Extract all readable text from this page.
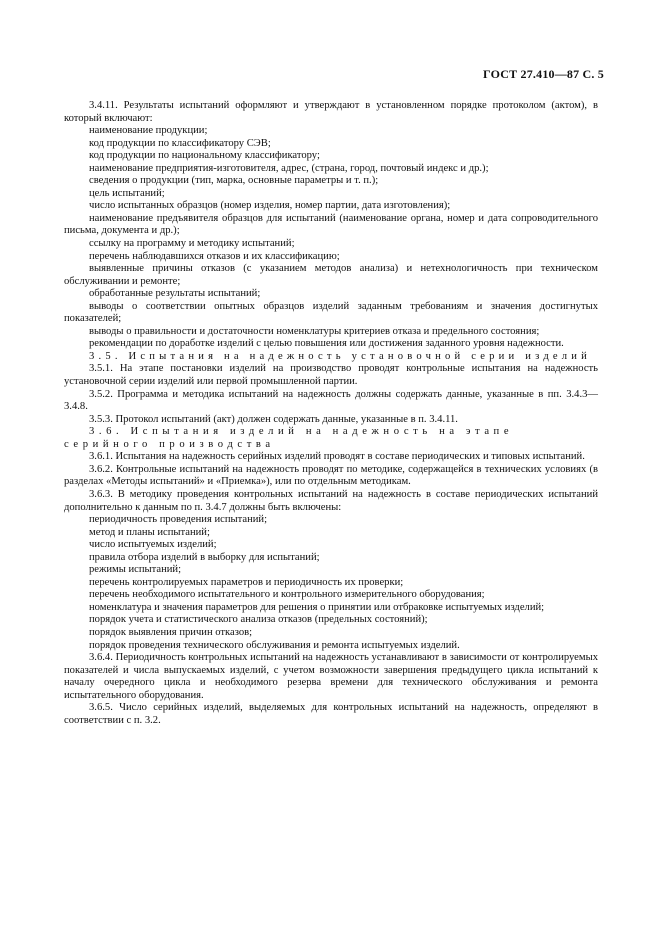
ГОСТ 27.410—87 С. 5

3.4.11. Результаты испытаний оформляют и утверждают в установленном порядке протоколом (актом), в который включают:

наименование продукции;

код продукции по классификатору СЭВ;

код продукции по национальному классификатору;

наименование предприятия-изготовителя, адрес, (страна, город, почтовый индекс и др.);

сведения о продукции (тип, марка, основные параметры и т. п.);

цель испытаний;

число испытанных образцов (номер изделия, номер партии, дата изготовления);

наименование предъявителя образцов для испытаний (наименование органа, номер и дата сопроводительного письма, документа и др.);

ссылку на программу и методику испытаний;

перечень наблюдавшихся отказов и их классификацию;

выявленные причины отказов (с указанием методов анализа) и нетехнологичность при техническом обслуживании и ремонте;

обработанные результаты испытаний;

выводы о соответствии опытных образцов изделий заданным требованиям и значения достигнутых показателей;

выводы о правильности и достаточности номенклатуры критериев отказа и предельного состояния;

рекомендации по доработке изделий с целью повышения или достижения заданного уровня надежности.

3.5. Испытания на надежность установочной серии изделий

3.5.1. На этапе постановки изделий на производство проводят контрольные испытания на надежность установочной серии изделий или первой промышленной партии.

3.5.2. Программа и методика испытаний на надежность должны содержать данные, указанные в пп. 3.4.3—3.4.8.

3.5.3. Протокол испытаний (акт) должен содержать данные, указанные в п. 3.4.11.

3.6. Испытания изделий на надежность на этапе серийного производства

3.6.1. Испытания на надежность серийных изделий проводят в составе периодических и типовых испытаний.

3.6.2. Контрольные испытаний на надежность проводят по методике, содержащейся в технических условиях (в разделах «Методы испытаний» и «Приемка»), или по отдельным методикам.

3.6.3. В методику проведения контрольных испытаний на надежность в составе периодических испытаний дополнительно к данным по п. 3.4.7 должны быть включены:

периодичность проведения испытаний;

метод и планы испытаний;

число испытуемых изделий;

правила отбора изделий в выборку для испытаний;

режимы испытаний;

перечень контролируемых параметров и периодичность их проверки;

перечень необходимого испытательного и контрольного измерительного оборудования;

номенклатура и значения параметров для решения о принятии или отбраковке испытуемых изделий;

порядок учета и статистического анализа отказов (предельных состояний);

порядок выявления причин отказов;

порядок проведения технического обслуживания и ремонта испытуемых изделий.

3.6.4. Периодичность контрольных испытаний на надежность устанавливают в зависимости от контролируемых показателей и числа выпускаемых изделий, с учетом возможности завершения предыдущего цикла испытаний к началу очередного цикла и необходимого резерва времени для технического обслуживания и ремонта испытательного оборудования.

3.6.5. Число серийных изделий, выделяемых для контрольных испытаний на надежность, определяют в соответствии с п. 3.2.
